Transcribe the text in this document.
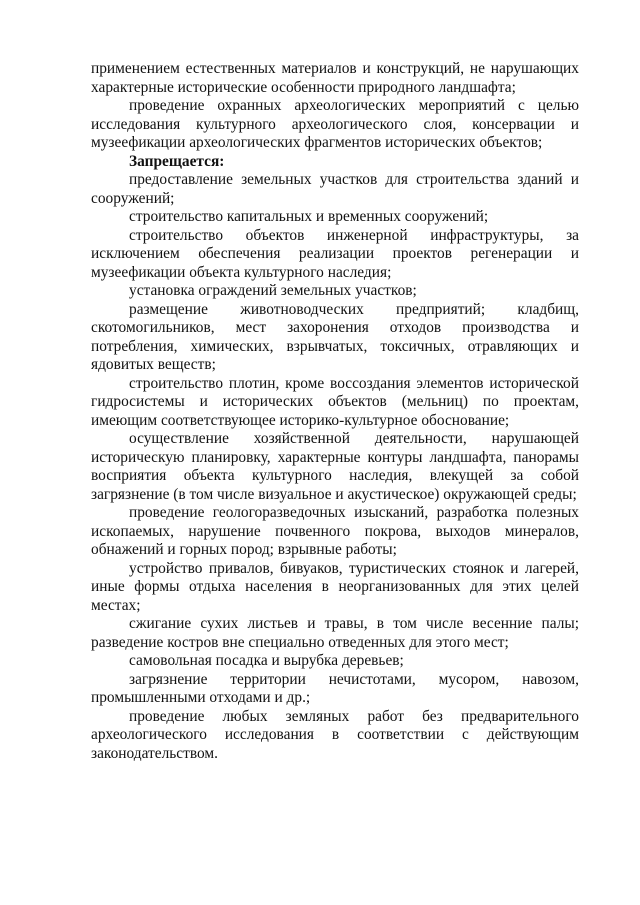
применением естественных материалов и конструкций, не нарушающих характерные исторические особенности природного ландшафта;

проведение охранных археологических мероприятий с целью исследования культурного археологического слоя, консервации и музеефикации археологических фрагментов исторических объектов;

Запрещается:

предоставление земельных участков для строительства зданий и сооружений;

строительство капитальных и временных сооружений;

строительство объектов инженерной инфраструктуры, за исключением обеспечения реализации проектов регенерации и музеефикации объекта культурного наследия;

установка ограждений земельных участков;

размещение животноводческих предприятий; кладбищ, скотомогильников, мест захоронения отходов производства и потребления, химических, взрывчатых, токсичных, отравляющих и ядовитых веществ;

строительство плотин, кроме воссоздания элементов исторической гидросистемы и исторических объектов (мельниц) по проектам, имеющим соответствующее историко-культурное обоснование;

осуществление хозяйственной деятельности, нарушающей историческую планировку, характерные контуры ландшафта, панорамы восприятия объекта культурного наследия, влекущей за собой загрязнение (в том числе визуальное и акустическое) окружающей среды;

проведение геологоразведочных изысканий, разработка полезных ископаемых, нарушение почвенного покрова, выходов минералов, обнажений и горных пород; взрывные работы;

устройство привалов, бивуаков, туристических стоянок и лагерей, иные формы отдыха населения в неорганизованных для этих целей местах;

сжигание сухих листьев и травы, в том числе весенние палы; разведение костров вне специально отведенных для этого мест;

самовольная посадка и вырубка деревьев;

загрязнение территории нечистотами, мусором, навозом, промышленными отходами и др.;

проведение любых земляных работ без предварительного археологического исследования в соответствии с действующим законодательством.
